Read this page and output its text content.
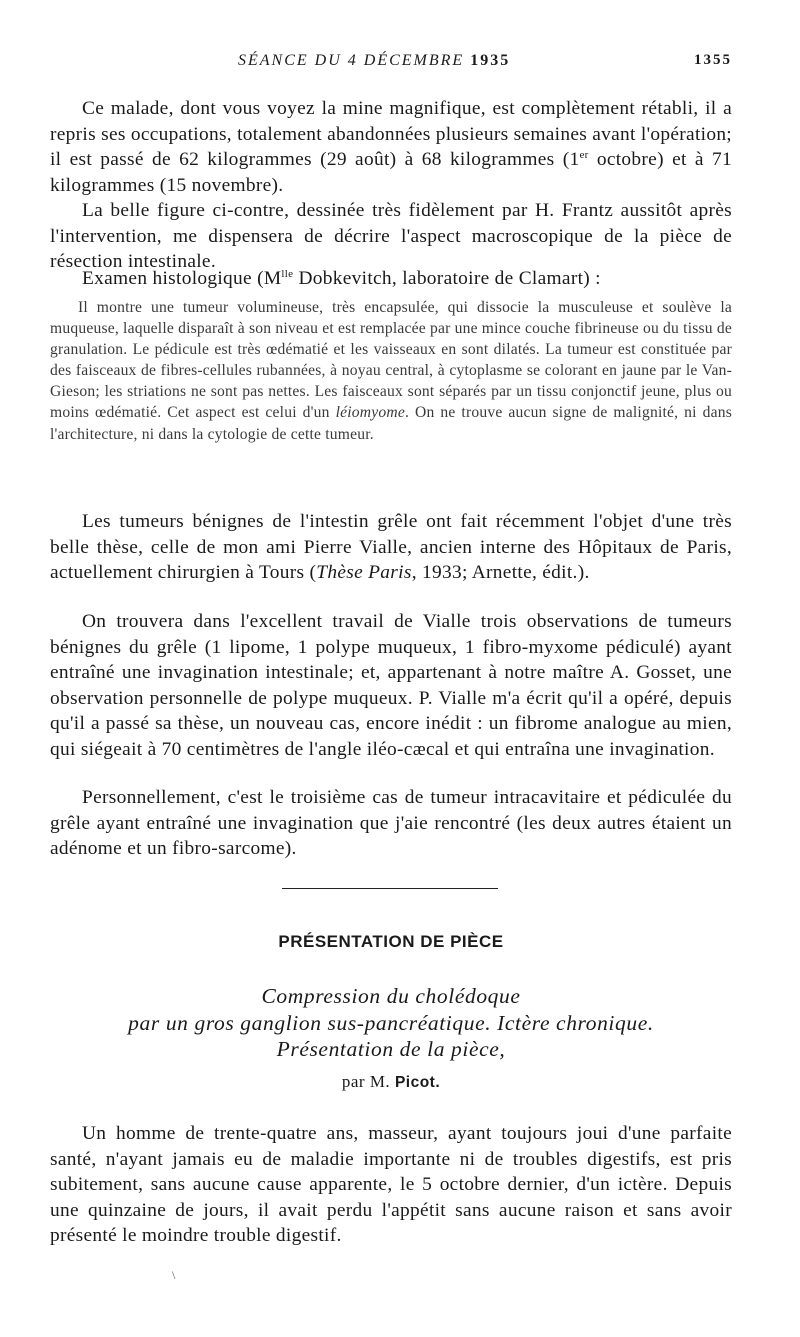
SÉANCE DU 4 DÉCEMBRE 1935	1355

Ce malade, dont vous voyez la mine magnifique, est complètement rétabli, il a repris ses occupations, totalement abandonnées plusieurs semaines avant l'opération; il est passé de 62 kilogrammes (29 août) à 68 kilogrammes (1er octobre) et à 71 kilogrammes (15 novembre).

La belle figure ci-contre, dessinée très fidèlement par H. Frantz aussitôt après l'intervention, me dispensera de décrire l'aspect macroscopique de la pièce de résection intestinale.

Examen histologique ($M^{lle}$ Dobkevitch, laboratoire de Clamart) :

Il montre une tumeur volumineuse, très encapsulée, qui dissocie la musculeuse et soulève la muqueuse, laquelle disparaît à son niveau et est remplacée par une mince couche fibrineuse ou du tissu de granulation. Le pédicule est très œdématié et les vaisseaux en sont dilatés. La tumeur est constituée par des faisceaux de fibres-cellules rubannées, à noyau central, à cytoplasme se colorant en jaune par le Van-Gieson; les striations ne sont pas nettes. Les faisceaux sont séparés par un tissu conjonctif jeune, plus ou moins œdématié. Cet aspect est celui d'un léiomyome. On ne trouve aucun signe de malignité, ni dans l'architecture, ni dans la cytologie de cette tumeur.

Les tumeurs bénignes de l'intestin grêle ont fait récemment l'objet d'une très belle thèse, celle de mon ami Pierre Vialle, ancien interne des Hôpitaux de Paris, actuellement chirurgien à Tours (Thèse Paris, 1933; Arnette, édit.).

On trouvera dans l'excellent travail de Vialle trois observations de tumeurs bénignes du grêle (1 lipome, 1 polype muqueux, 1 fibro-myxome pédiculé) ayant entraîné une invagination intestinale; et, appartenant à notre maître A. Gosset, une observation personnelle de polype muqueux. P. Vialle m'a écrit qu'il a opéré, depuis qu'il a passé sa thèse, un nouveau cas, encore inédit : un fibrome analogue au mien, qui siégeait à 70 centimètres de l'angle iléo-cæcal et qui entraîna une invagination.

Personnellement, c'est le troisième cas de tumeur intracavitaire et pédiculée du grêle ayant entraîné une invagination que j'aie rencontré (les deux autres étaient un adénome et un fibro-sarcome).

PRÉSENTATION DE PIÈCE
Compression du cholédoque
par un gros ganglion sus-pancréatique. Ictère chronique.
Présentation de la pièce,
par M. Picot.

Un homme de trente-quatre ans, masseur, ayant toujours joui d'une parfaite santé, n'ayant jamais eu de maladie importante ni de troubles digestifs, est pris subitement, sans aucune cause apparente, le 5 octobre dernier, d'un ictère. Depuis une quinzaine de jours, il avait perdu l'appétit sans aucune raison et sans avoir présenté le moindre trouble digestif.

\
